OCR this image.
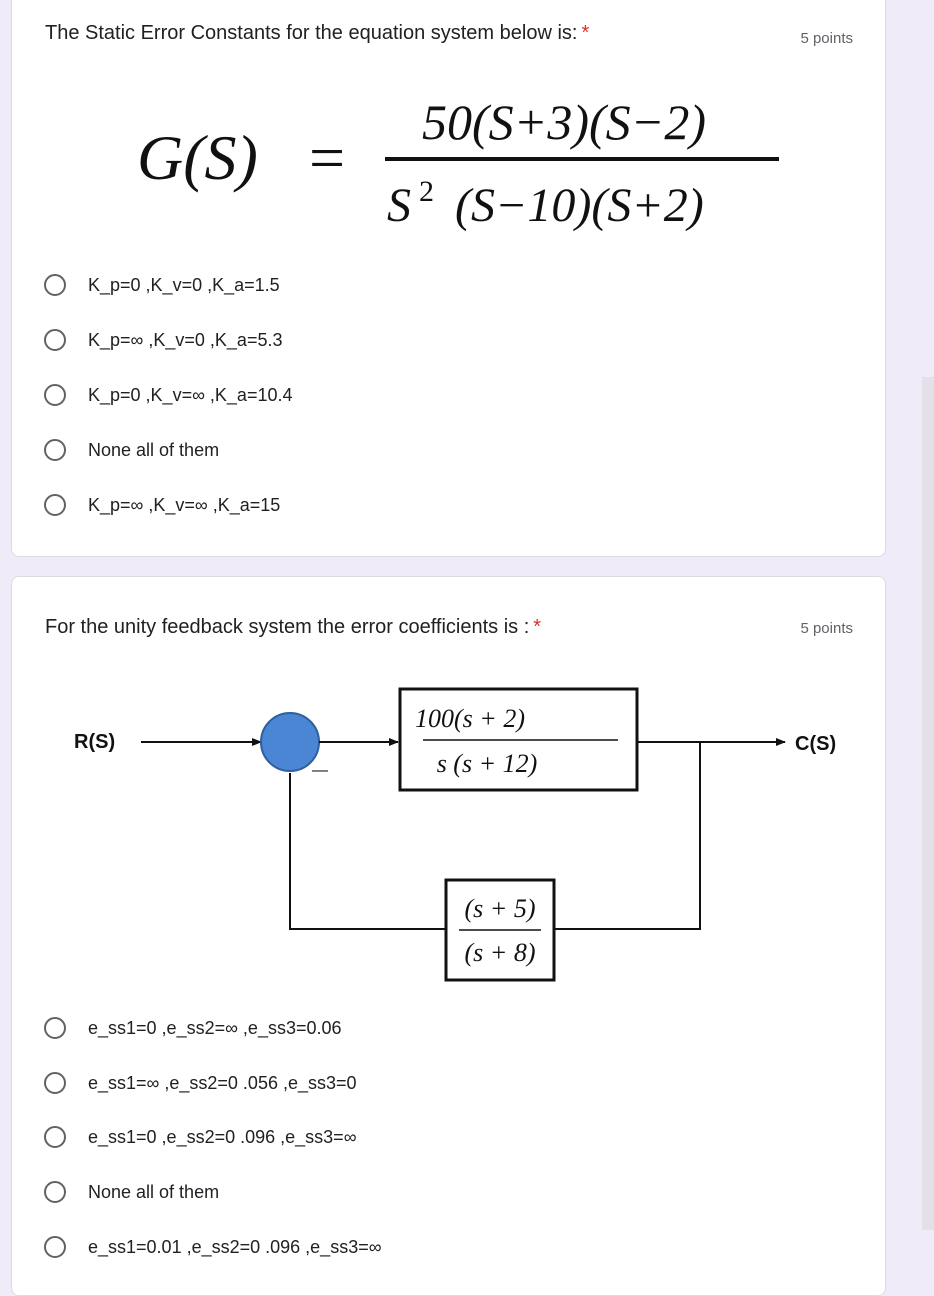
The Static Error Constants for the equation system below is: *	5 points
G(S) = 50(S+3)(S−2)
S 2 (S−10)(S+2)
K_p=0 ,K_v=0 ,K_a=1.5
K_p=∞ ,K_v=0 ,K_a=5.3
K_p=0 ,K_v=∞ ,K_a=10.4
None all of them
K_p=∞ ,K_v=∞ ,K_a=15
For the unity feedback system the error coefficients is : *	5 points
R(S)
—
100(s + 2)
s (s + 12)
C(S)
(s + 5)
(s + 8)
e_ss1=0 ,e_ss2=∞ ,e_ss3=0.06
e_ss1=∞ ,e_ss2=0 .056 ,e_ss3=0
e_ss1=0 ,e_ss2=0 .096 ,e_ss3=∞
None all of them
e_ss1=0.01 ,e_ss2=0 .096 ,e_ss3=∞
